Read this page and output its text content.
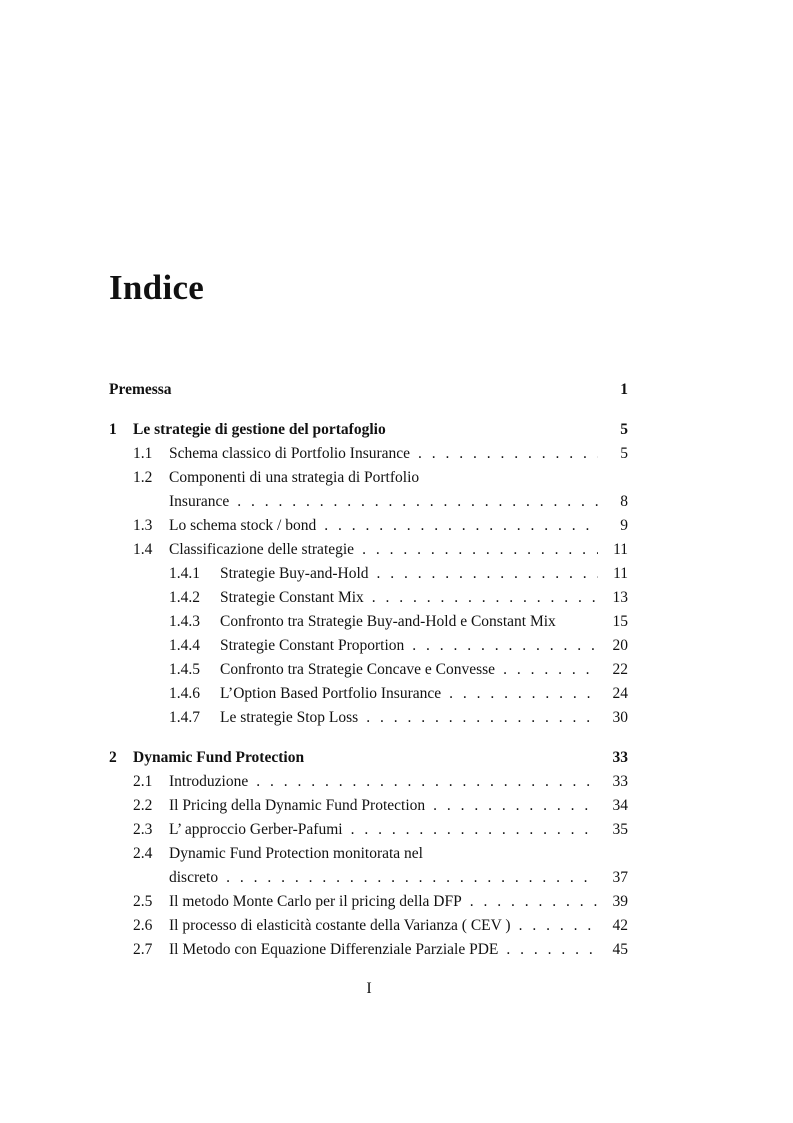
Indice
Premessa	1
1	Le strategie di gestione del portafoglio	5
1.1	Schema classico di Portfolio Insurance . . .	5
1.2	Componenti di una strategia di Portfolio
Insurance . . .	8
1.3	Lo schema stock / bond . . .	9
1.4	Classificazione delle strategie . . .	11
1.4.1	Strategie Buy-and-Hold . . .	11
1.4.2	Strategie Constant Mix . . .	13
1.4.3	Confronto tra Strategie Buy-and-Hold e Constant Mix	15
1.4.4	Strategie Constant Proportion . . .	20
1.4.5	Confronto tra Strategie Concave e Convesse . . .	22
1.4.6	L’Option Based Portfolio Insurance . . .	24
1.4.7	Le strategie Stop Loss . . .	30
2	Dynamic Fund Protection	33
2.1	Introduzione . . .	33
2.2	Il Pricing della Dynamic Fund Protection . . .	34
2.3	L’ approccio Gerber-Pafumi . . .	35
2.4	Dynamic Fund Protection monitorata nel
discreto . . .	37
2.5	Il metodo Monte Carlo per il pricing della DFP . . .	39
2.6	Il processo di elasticità costante della Varianza ( CEV ) . . .	42
2.7	Il Metodo con Equazione Differenziale Parziale PDE . . .	45
I
